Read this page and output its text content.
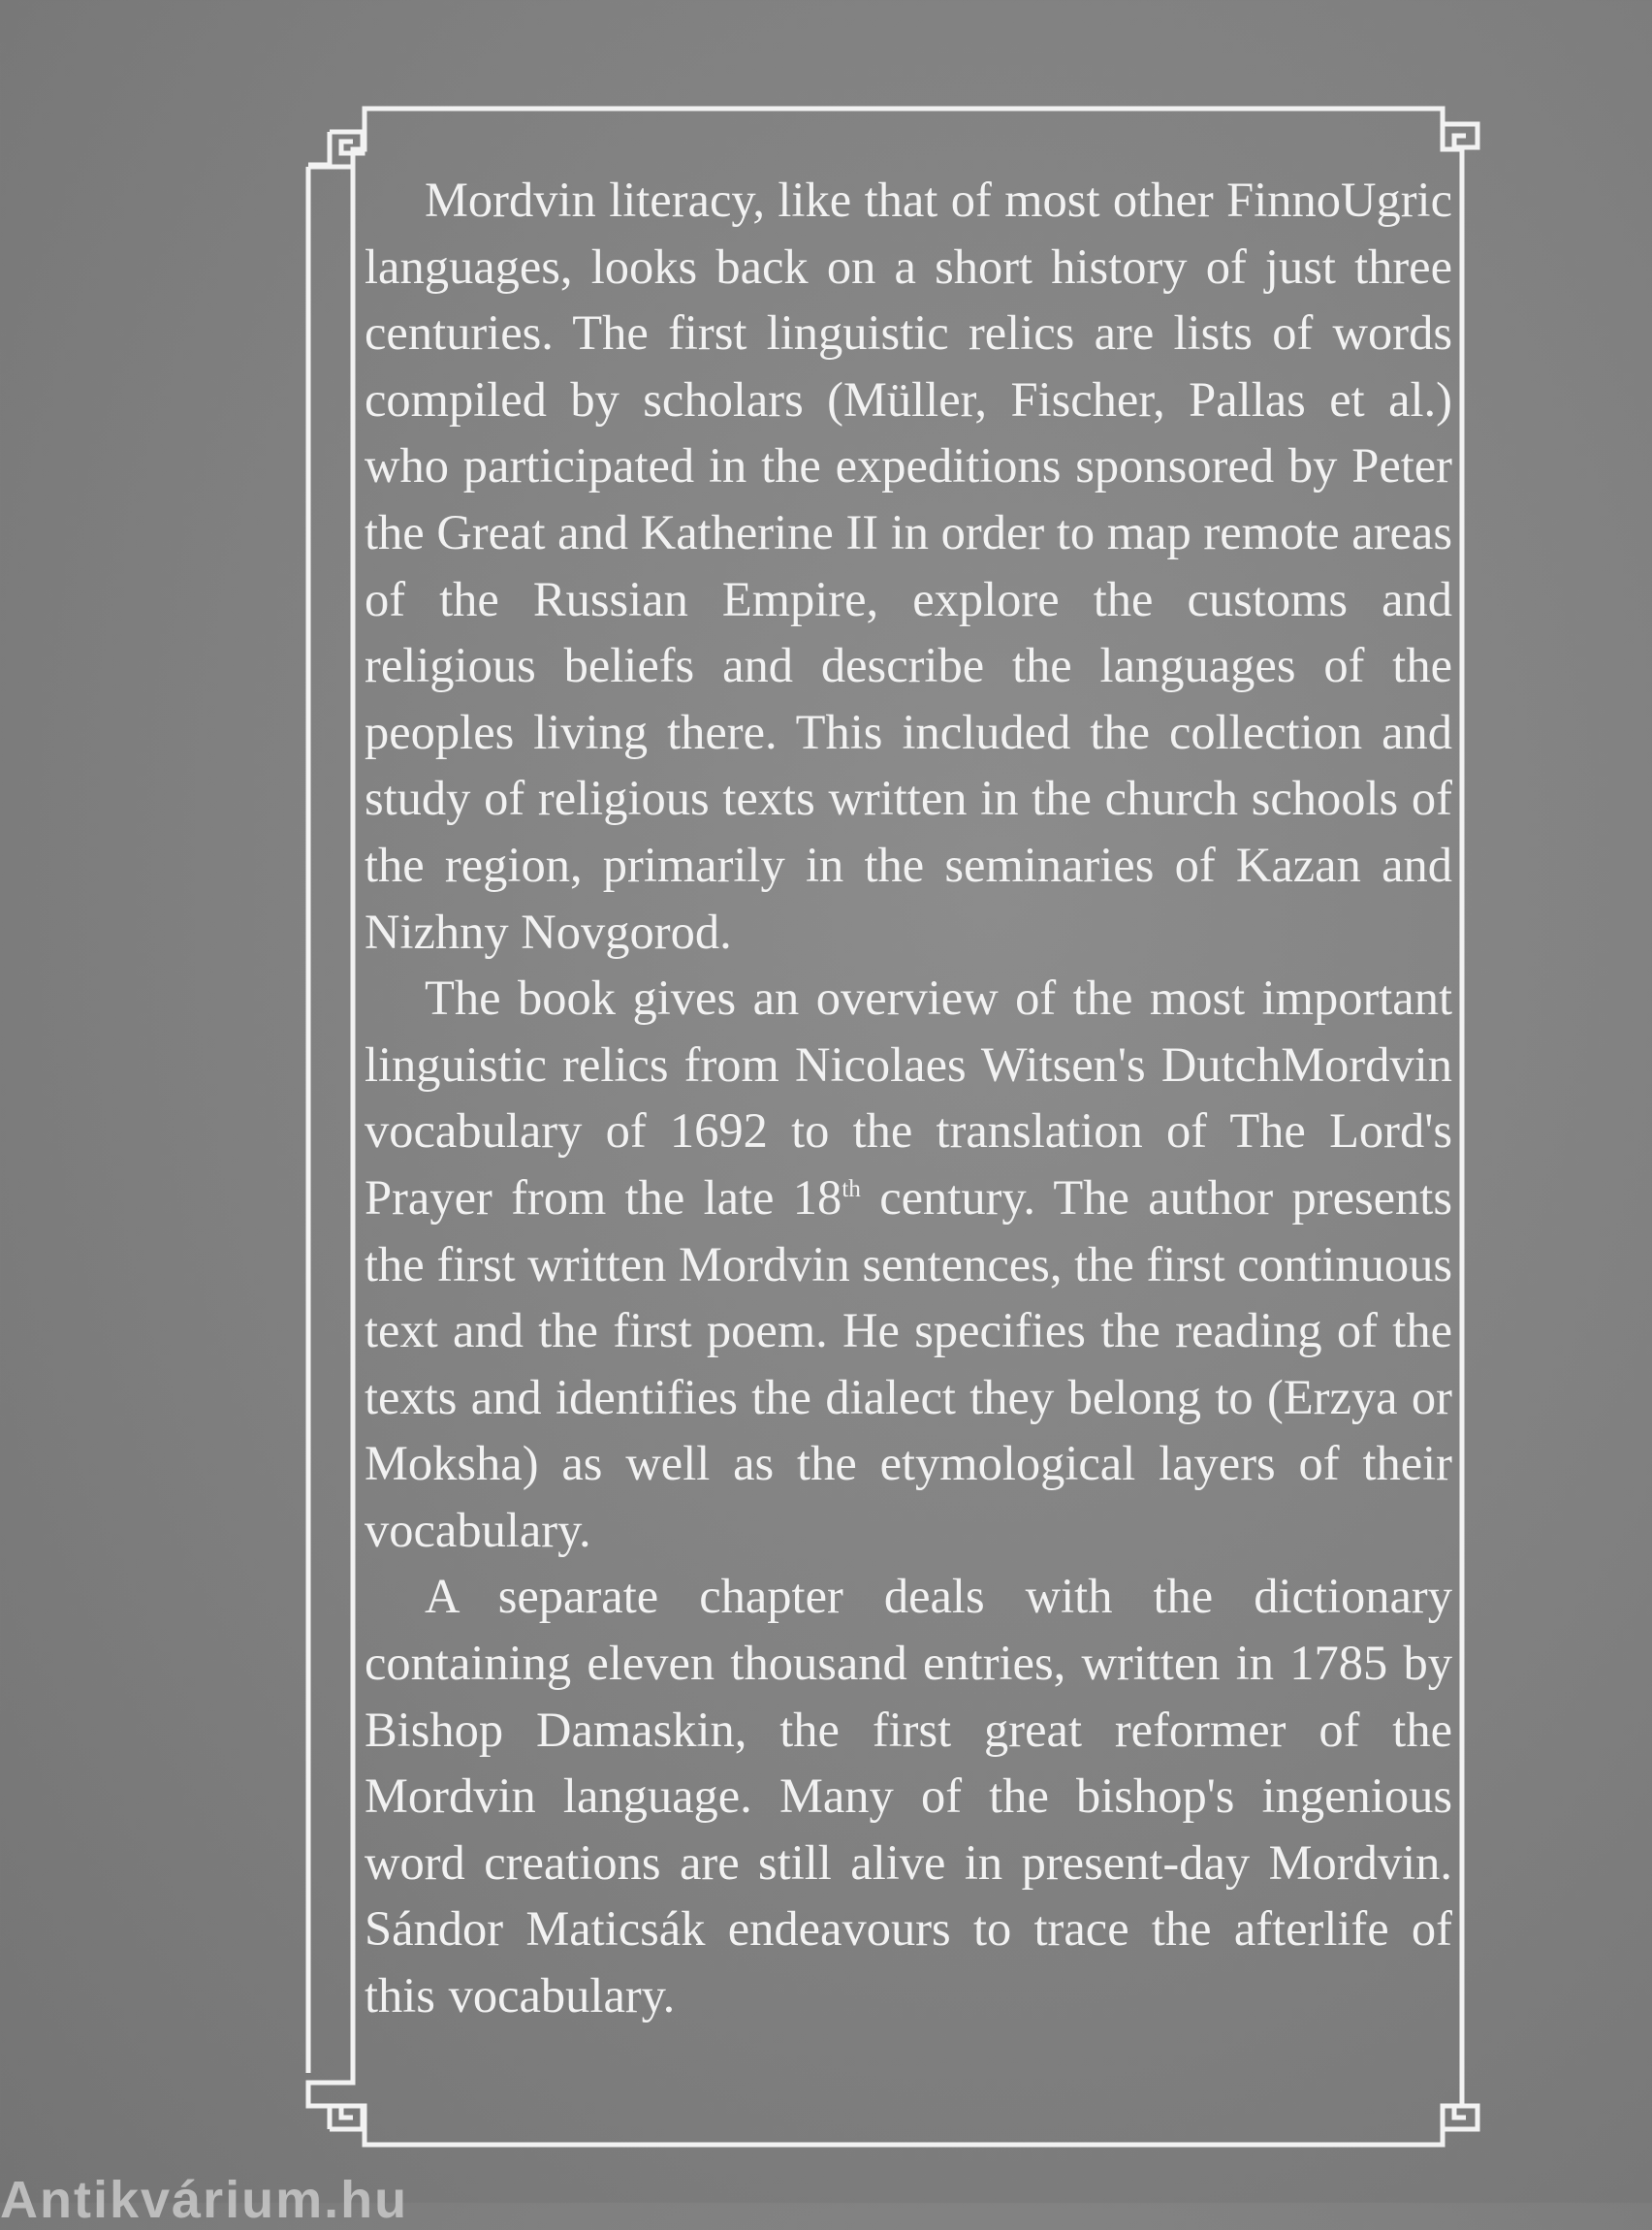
Mordvin literacy, like that of most other FinnoUgric languages, looks back on a short history of just three centuries. The first linguistic relics are lists of words compiled by scholars (Müller, Fischer, Pallas et al.) who participated in the expeditions sponsored by Peter the Great and Katherine II in order to map remote areas of the Russian Empire, explore the customs and religious beliefs and describe the languages of the peoples living there. This included the collection and study of religious texts written in the church schools of the region, primarily in the seminaries of Kazan and Nizhny Novgorod.

The book gives an overview of the most important linguistic relics from Nicolaes Witsen's DutchMordvin vocabulary of 1692 to the translation of The Lord's Prayer from the late 18th century. The author presents the first written Mordvin sentences, the first continuous text and the first poem. He specifies the reading of the texts and identifies the dialect they belong to (Erzya or Moksha) as well as the etymological layers of their vocabulary.

A separate chapter deals with the dictionary containing eleven thousand entries, written in 1785 by Bishop Damaskin, the first great reformer of the Mordvin language. Many of the bishop's ingenious word creations are still alive in present-day Mordvin. Sándor Maticsák endeavours to trace the afterlife of this vocabulary.

Antikvárium.hu
